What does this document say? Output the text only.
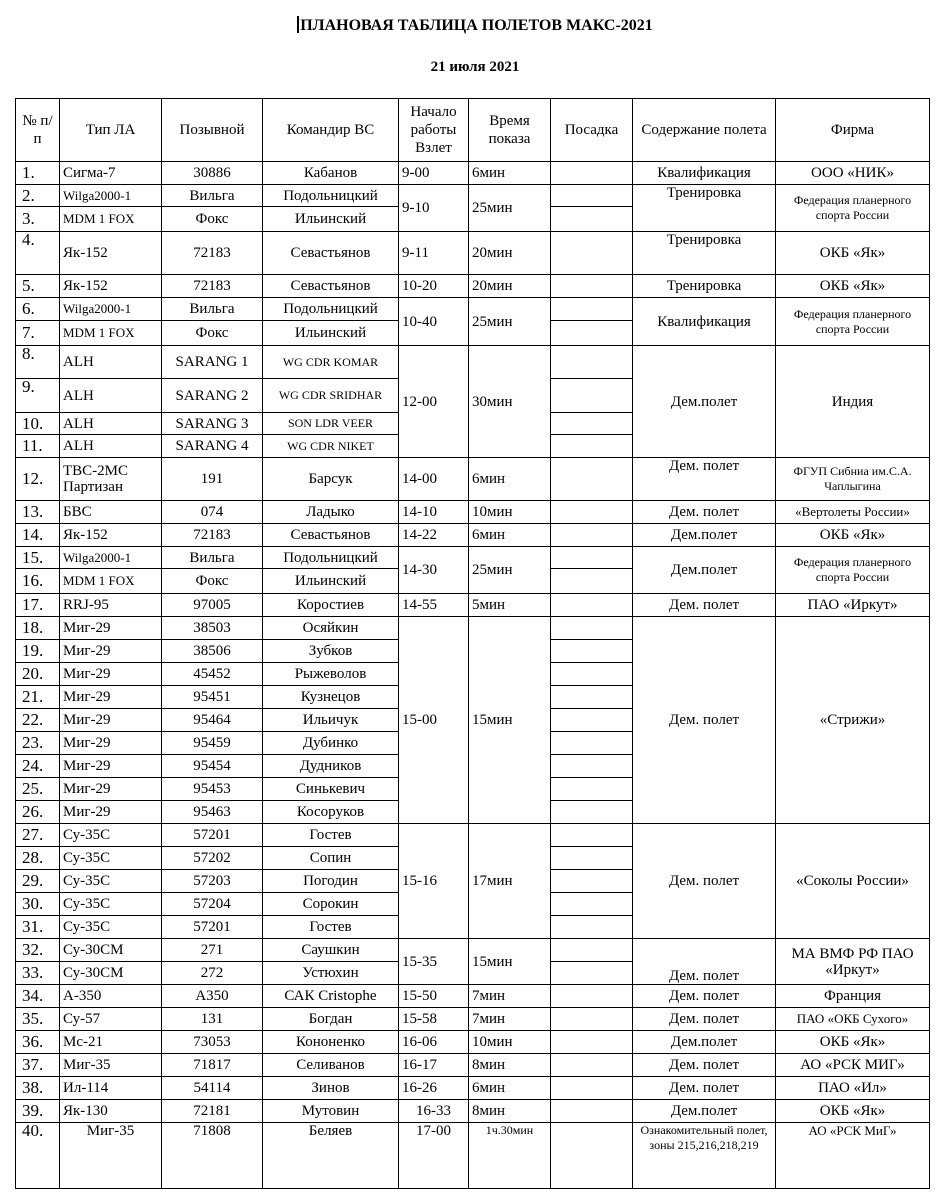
ПЛАНОВАЯ ТАБЛИЦА ПОЛЕТОВ МАКС-2021
21 июля 2021
№ п/п	Тип ЛА	Позывной	Командир ВС	Начало работы Взлет	Время показа	Посадка	Содержание полета	Фирма
1.	Сигма-7	30886	Кабанов	9-00	6мин		Квалификация	ООО «НИК»
2.	Wilga2000-1	Вильга	Подольницкий	9-10	25мин		Тренировка	Федерация планерного спорта России
3.	MDM 1 FOX	Фокс	Ильинский					
4.	Як-152	72183	Севастьянов	9-11	20мин		Тренировка	ОКБ «Як»
5.	Як-152	72183	Севастьянов	10-20	20мин		Тренировка	ОКБ «Як»
6.	Wilga2000-1	Вильга	Подольницкий	10-40	25мин		Квалификация	Федерация планерного спорта России
7.	MDM 1 FOX	Фокс	Ильинский					
8.	ALH	SARANG 1	WG CDR KOMAR	12-00	30мин		Дем.полет	Индия
9.	ALH	SARANG 2	WG CDR SRIDHAR					
10.	ALH	SARANG 3	SON LDR VEER					
11.	ALH	SARANG 4	WG CDR NIKET					
12.	ТВС-2МС Партизан	191	Барсук	14-00	6мин		Дем. полет	ФГУП Сибниа им.С.А. Чаплыгина
13.	БВС	074	Ладыко	14-10	10мин		Дем. полет	«Вертолеты России»
14.	Як-152	72183	Севастьянов	14-22	6мин		Дем.полет	ОКБ «Як»
15.	Wilga2000-1	Вильга	Подольницкий	14-30	25мин		Дем.полет	Федерация планерного спорта России
16.	MDM 1 FOX	Фокс	Ильинский					
17.	RRJ-95	97005	Коростиев	14-55	5мин		Дем. полет	ПАО «Иркут»
18.	Миг-29	38503	Осяйкин	15-00	15мин		Дем. полет	«Стрижи»
19.	Миг-29	38506	Зубков					
20.	Миг-29	45452	Рыжеволов					
21.	Миг-29	95451	Кузнецов					
22.	Миг-29	95464	Ильичук					
23.	Миг-29	95459	Дубинко					
24.	Миг-29	95454	Дудников					
25.	Миг-29	95453	Синькевич					
26.	Миг-29	95463	Косоруков					
27.	Су-35С	57201	Гостев	15-16	17мин		Дем. полет	«Соколы России»
28.	Су-35С	57202	Сопин					
29.	Су-35С	57203	Погодин					
30.	Су-35С	57204	Сорокин					
31.	Су-35С	57201	Гостев					
32.	Су-30СМ	271	Саушкин	15-35	15мин		Дем. полет	МА ВМФ РФ ПАО «Иркут»
33.	Су-30СМ	272	Устюхин					
34.	А-350	А350	САК Cristophe	15-50	7мин		Дем. полет	Франция
35.	Су-57	131	Богдан	15-58	7мин		Дем. полет	ПАО «ОКБ Сухого»
36.	Мс-21	73053	Кононенко	16-06	10мин		Дем.полет	ОКБ «Як»
37.	Миг-35	71817	Селиванов	16-17	8мин		Дем. полет	АО «РСК МИГ»
38.	Ил-114	54114	Зинов	16-26	6мин		Дем. полет	ПАО «Ил»
39.	Як-130	72181	Мутовин	16-33	8мин		Дем.полет	ОКБ «Як»
40.	Миг-35	71808	Беляев	17-00	1ч.30мин		Ознакомительный полет, зоны 215,216,218,219	АО «РСК МиГ»
